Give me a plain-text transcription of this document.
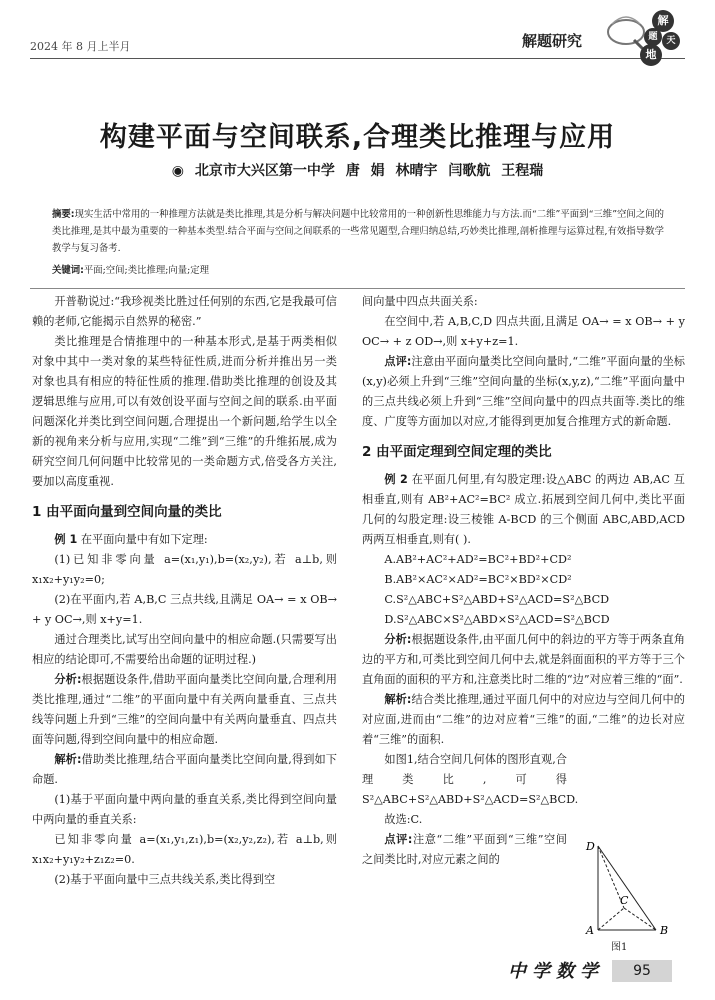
2024 年 8 月上半月	解题研究
解
题 天
地
构建平面与空间联系,合理类比推理与应用
◉ 北京市大兴区第一中学 唐 娟 林晴宇 闫歌航 王程瑞
摘要:现实生活中常用的一种推理方法就是类比推理,其是分析与解决问题中比较常用的一种创新性思维能力与方法.而“二维”平面到“三维”空间之间的类比推理,是其中最为重要的一种基本类型.结合平面与空间之间联系的一些常见题型,合理归纳总结,巧妙类比推理,剖析推理与运算过程,有效指导数学教学与复习备考.
关键词:平面;空间;类比推理;向量;定理

开普勒说过:“我珍视类比胜过任何别的东西,它是我最可信赖的老师,它能揭示自然界的秘密.”

类比推理是合情推理中的一种基本形式,是基于两类相似对象中其中一类对象的某些特征性质,进而分析并推出另一类对象也具有相应的特征性质的推理.借助类比推理的创设及其逻辑思维与应用,可以有效创设平面与空间之间的联系.由平面问题深化并类比到空间问题,合理提出一个新问题,给学生以全新的视角来分析与应用,实现“二维”到“三维”的升维拓展,成为研究空间几何问题中比较常见的一类命题方式,倍受各方关注,要加以高度重视.

1 由平面向量到空间向量的类比

例 1 在平面向量中有如下定理:

(1)已知非零向量 a=(x₁,y₁),b=(x₂,y₂),若 a⊥b,则 x₁x₂+y₁y₂=0;

(2)在平面内,若 A,B,C 三点共线,且满足 OA→ = x OB→ + y OC→,则 x+y=1.

通过合理类比,试写出空间向量中的相应命题.(只需要写出相应的结论即可,不需要给出命题的证明过程.)

分析:根据题设条件,借助平面向量类比空间向量,合理利用类比推理,通过“二维”的平面向量中有关两向量垂直、三点共线等问题上升到“三维”的空间向量中有关两向量垂直、四点共面等问题,得到空间向量中的相应命题.

解析:借助类比推理,结合平面向量类比空间向量,得到如下命题.

(1)基于平面向量中两向量的垂直关系,类比得到空间向量中两向量的垂直关系:

已知非零向量 a=(x₁,y₁,z₁),b=(x₂,y₂,z₂),若 a⊥b,则 x₁x₂+y₁y₂+z₁z₂=0.

(2)基于平面向量中三点共线关系,类比得到空

间向量中四点共面关系:

在空间中,若 A,B,C,D 四点共面,且满足 OA→ = x OB→ + y OC→ + z OD→,则 x+y+z=1.

点评:注意由平面向量类比空间向量时,“二维”平面向量的坐标(x,y)必须上升到“三维”空间向量的坐标(x,y,z),“二维”平面向量中的三点共线必须上升到“三维”空间向量中的四点共面等.类比的维度、广度等方面加以对应,才能得到更加复合推理方式的新命题.

2 由平面定理到空间定理的类比

例 2 在平面几何里,有勾股定理:设△ABC 的两边 AB,AC 互相垂直,则有 AB²+AC²=BC² 成立.拓展到空间几何中,类比平面几何的勾股定理:设三棱锥 A-BCD 的三个侧面 ABC,ABD,ACD 两两互相垂直,则有( ).

A.AB²+AC²+AD²=BC²+BD²+CD²

B.AB²×AC²×AD²=BC²×BD²×CD²

C.S²△ABC+S²△ABD+S²△ACD=S²△BCD

D.S²△ABC×S²△ABD×S²△ACD=S²△BCD

分析:根据题设条件,由平面几何中的斜边的平方等于两条直角边的平方和,可类比到空间几何中去,就是斜面面积的平方等于三个直角面的面积的平方和,注意类比时二维的“边”对应着三维的“面”.

解析:结合类比推理,通过平面几何中的对应边与空间几何中的对应面,进而由“二维”的边对应着“三维”的面,“二维”的边长对应着“三维”的面积.

如图1,结合空间几何体的图形直观,合理类比,可得 S²△ABC+S²△ABD+S²△ACD=S²△BCD.

故选:C.

点评:注意“二维”平面到“三维”空间之间类比时,对应元素之间的

D
A	B
C
图1
中学数学	95
